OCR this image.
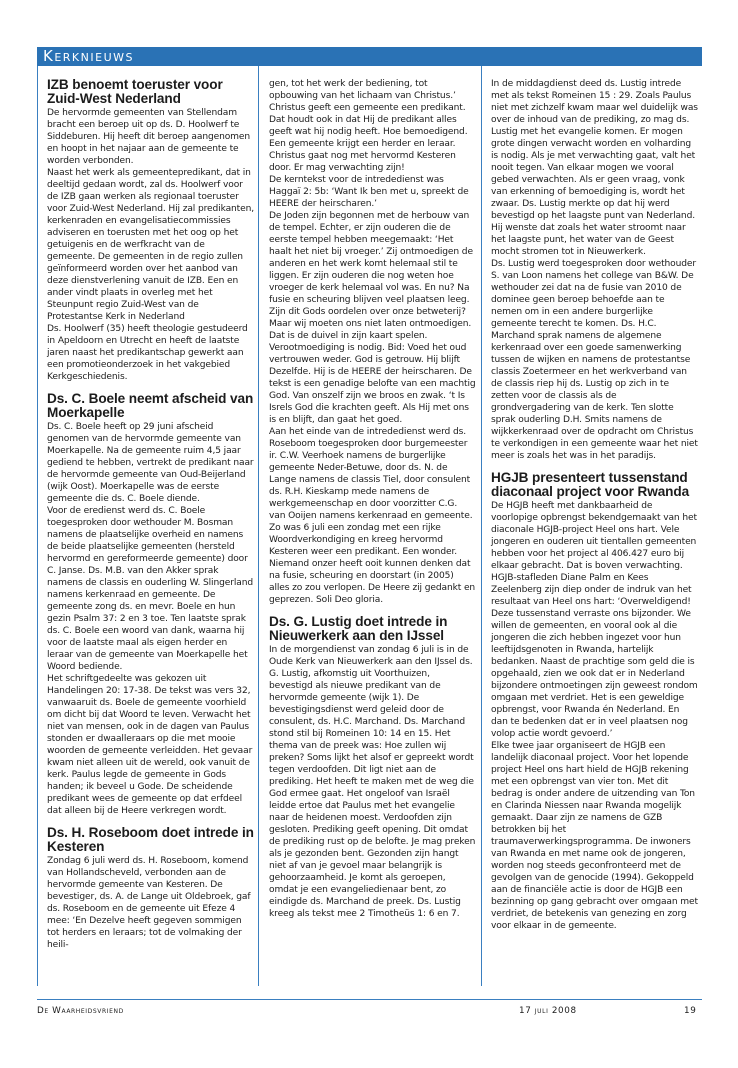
Kerknieuws
IZB benoemt toeruster voor Zuid-West Nederland

De hervormde gemeenten van Stellendam bracht een beroep uit op ds. D. Hoolwerf te Siddeburen. Hij heeft dit beroep aangenomen en hoopt in het najaar aan de gemeente te worden verbonden.

Naast het werk als gemeentepredikant, dat in deeltijd gedaan wordt, zal ds. Hoolwerf voor de IZB gaan werken als regionaal toeruster voor Zuid-West Nederland. Hij zal predikanten, kerkenraden en evangelisatiecommissies adviseren en toerusten met het oog op het getuigenis en de werfkracht van de gemeente. De gemeenten in de regio zullen geïnformeerd worden over het aanbod van deze dienstverlening vanuit de IZB. Een en ander vindt plaats in overleg met het Steunpunt regio Zuid-West van de Protestantse Kerk in Nederland

Ds. Hoolwerf (35) heeft theologie gestudeerd in Apeldoorn en Utrecht en heeft de laatste jaren naast het predikantschap gewerkt aan een promotieonderzoek in het vakgebied Kerkgeschiedenis.

Ds. C. Boele neemt afscheid van Moerkapelle

Ds. C. Boele heeft op 29 juni afscheid genomen van de hervormde gemeente van Moerkapelle. Na de gemeente ruim 4,5 jaar gediend te hebben, vertrekt de predikant naar de hervormde gemeente van Oud-Beijerland (wijk Oost). Moerkapelle was de eerste gemeente die ds. C. Boele diende.

Voor de eredienst werd ds. C. Boele toegesproken door wethouder M. Bosman namens de plaatselijke overheid en namens de beide plaatselijke gemeenten (hersteld hervormd en gereformeerde gemeente) door C. Janse. Ds. M.B. van den Akker sprak namens de classis en ouderling W. Slingerland namens kerkenraad en gemeente. De gemeente zong ds. en mevr. Boele en hun gezin Psalm 37: 2 en 3 toe. Ten laatste sprak ds. C. Boele een woord van dank, waarna hij voor de laatste maal als eigen herder en leraar van de gemeente van Moerkapelle het Woord bediende.

Het schriftgedeelte was gekozen uit Handelingen 20: 17-38. De tekst was vers 32, vanwaaruit ds. Boele de gemeente voorhield om dicht bij dat Woord te leven. Verwacht het niet van mensen, ook in de dagen van Paulus stonden er dwaalleraars op die met mooie woorden de gemeente verleidden. Het gevaar kwam niet alleen uit de wereld, ook vanuit de kerk. Paulus legde de gemeente in Gods handen; ik beveel u Gode. De scheidende predikant wees de gemeente op dat erfdeel dat alleen bij de Heere verkregen wordt.

Ds. H. Roseboom doet intrede in Kesteren

Zondag 6 juli werd ds. H. Roseboom, komend van Hollandscheveld, verbonden aan de hervormde gemeente van Kesteren. De bevestiger, ds. A. de Lange uit Oldebroek, gaf ds. Roseboom en de gemeente uit Efeze 4 mee: ‘En Dezelve heeft gegeven sommigen tot herders en leraars; tot de volmaking der heili-

gen, tot het werk der bediening, tot opbouwing van het lichaam van Christus.’ Christus geeft een gemeente een predikant. Dat houdt ook in dat Hij de predikant alles geeft wat hij nodig heeft. Hoe bemoedigend. Een gemeente krijgt een herder en leraar. Christus gaat nog met hervormd Kesteren door. Er mag verwachting zijn!

De kerntekst voor de intrededienst was Haggaï 2: 5b: ‘Want Ik ben met u, spreekt de HEERE der heirscharen.’

De Joden zijn begonnen met de herbouw van de tempel. Echter, er zijn ouderen die de eerste tempel hebben meegemaakt: ‘Het haalt het niet bij vroeger.’ Zij ontmoedigen de anderen en het werk komt helemaal stil te liggen. Er zijn ouderen die nog weten hoe vroeger de kerk helemaal vol was. En nu? Na fusie en scheuring blijven veel plaatsen leeg. Zijn dit Gods oordelen over onze betweterij? Maar wij moeten ons niet laten ontmoedigen. Dat is de duivel in zijn kaart spelen. Verootmoediging is nodig. Bid: Voed het oud vertrouwen weder. God is getrouw. Hij blijft Dezelfde. Hij is de HEERE der heirscharen. De tekst is een genadige belofte van een machtig God. Van onszelf zijn we broos en zwak. ‘t Is Isrels God die krachten geeft. Als Hij met ons is en blijft, dan gaat het goed.

Aan het einde van de intrededienst werd ds. Roseboom toegesproken door burgemeester ir. C.W. Veerhoek namens de burgerlijke gemeente Neder-Betuwe, door ds. N. de Lange namens de classis Tiel, door consulent ds. R.H. Kieskamp mede namens de werkgemeenschap en door voorzitter C.G. van Ooijen namens kerkenraad en gemeente.

Zo was 6 juli een zondag met een rijke Woordverkondiging en kreeg hervormd Kesteren weer een predikant. Een wonder. Niemand onzer heeft ooit kunnen denken dat na fusie, scheuring en doorstart (in 2005) alles zo zou verlopen. De Heere zij gedankt en geprezen. Soli Deo gloria.

Ds. G. Lustig doet intrede in Nieuwerkerk aan den IJssel

In de morgendienst van zondag 6 juli is in de Oude Kerk van Nieuwerkerk aan den IJssel ds. G. Lustig, afkomstig uit Voorthuizen, bevestigd als nieuwe predikant van de hervormde gemeente (wijk 1). De bevestigingsdienst werd geleid door de consulent, ds. H.C. Marchand. Ds. Marchand stond stil bij Romeinen 10: 14 en 15. Het thema van de preek was: Hoe zullen wij preken? Soms lijkt het alsof er gepreekt wordt tegen verdoofden. Dit ligt niet aan de prediking. Het heeft te maken met de weg die God ermee gaat. Het ongeloof van Israël leidde ertoe dat Paulus met het evangelie naar de heidenen moest. Verdoofden zijn gesloten. Prediking geeft opening. Dit omdat de prediking rust op de belofte. Je mag preken als je gezonden bent. Gezonden zijn hangt niet af van je gevoel maar belangrijk is gehoorzaamheid. Je komt als geroepen, omdat je een evangeliedienaar bent, zo eindigde ds. Marchand de preek. Ds. Lustig kreeg als tekst mee 2 Timotheüs 1: 6 en 7.

In de middagdienst deed ds. Lustig intrede met als tekst Romeinen 15 : 29. Zoals Paulus niet met zichzelf kwam maar wel duidelijk was over de inhoud van de prediking, zo mag ds. Lustig met het evangelie komen. Er mogen grote dingen verwacht worden en volharding is nodig. Als je met verwachting gaat, valt het nooit tegen. Van elkaar mogen we vooral gebed verwachten. Als er geen vraag, vonk van erkenning of bemoediging is, wordt het zwaar. Ds. Lustig merkte op dat hij werd bevestigd op het laagste punt van Nederland. Hij wenste dat zoals het water stroomt naar het laagste punt, het water van de Geest mocht stromen tot in Nieuwerkerk.

Ds. Lustig werd toegesproken door wethouder S. van Loon namens het college van B&W. De wethouder zei dat na de fusie van 2010 de dominee geen beroep behoefde aan te nemen om in een andere burgerlijke gemeente terecht te komen. Ds. H.C. Marchand sprak namens de algemene kerkenraad over een goede samenwerking tussen de wijken en namens de protestantse classis Zoetermeer en het werkverband van de classis riep hij ds. Lustig op zich in te zetten voor de classis als de grondvergadering van de kerk. Ten slotte sprak ouderling D.H. Smits namens de wijkkerkenraad over de opdracht om Christus te verkondigen in een gemeente waar het niet meer is zoals het was in het paradijs.

HGJB presenteert tussenstand diaconaal project voor Rwanda

De HGJB heeft met dankbaarheid de voorlopige opbrengst bekendgemaakt van het diaconale HGJB-project Heel ons hart. Vele jongeren en ouderen uit tientallen gemeenten hebben voor het project al 406.427 euro bij elkaar gebracht. Dat is boven verwachting. HGJB-stafleden Diane Palm en Kees Zeelenberg zijn diep onder de indruk van het resultaat van Heel ons hart: ‘Overweldigend! Deze tussenstand verraste ons bijzonder. We willen de gemeenten, en vooral ook al die jongeren die zich hebben ingezet voor hun leeftijdsgenoten in Rwanda, hartelijk bedanken. Naast de prachtige som geld die is opgehaald, zien we ook dat er in Nederland bijzondere ontmoetingen zijn geweest rondom omgaan met verdriet. Het is een geweldige opbrengst, voor Rwanda én Nederland. En dan te bedenken dat er in veel plaatsen nog volop actie wordt gevoerd.’

Elke twee jaar organiseert de HGJB een landelijk diaconaal project. Voor het lopende project Heel ons hart hield de HGJB rekening met een opbrengst van vier ton. Met dit bedrag is onder andere de uitzending van Ton en Clarinda Niessen naar Rwanda mogelijk gemaakt. Daar zijn ze namens de GZB betrokken bij het traumaverwerkingsprogramma. De inwoners van Rwanda en met name ook de jongeren, worden nog steeds geconfronteerd met de gevolgen van de genocide (1994). Gekoppeld aan de financiële actie is door de HGJB een bezinning op gang gebracht over omgaan met verdriet, de betekenis van genezing en zorg voor elkaar in de gemeente.

De Waarheidsvriend	17 juli 2008	19
